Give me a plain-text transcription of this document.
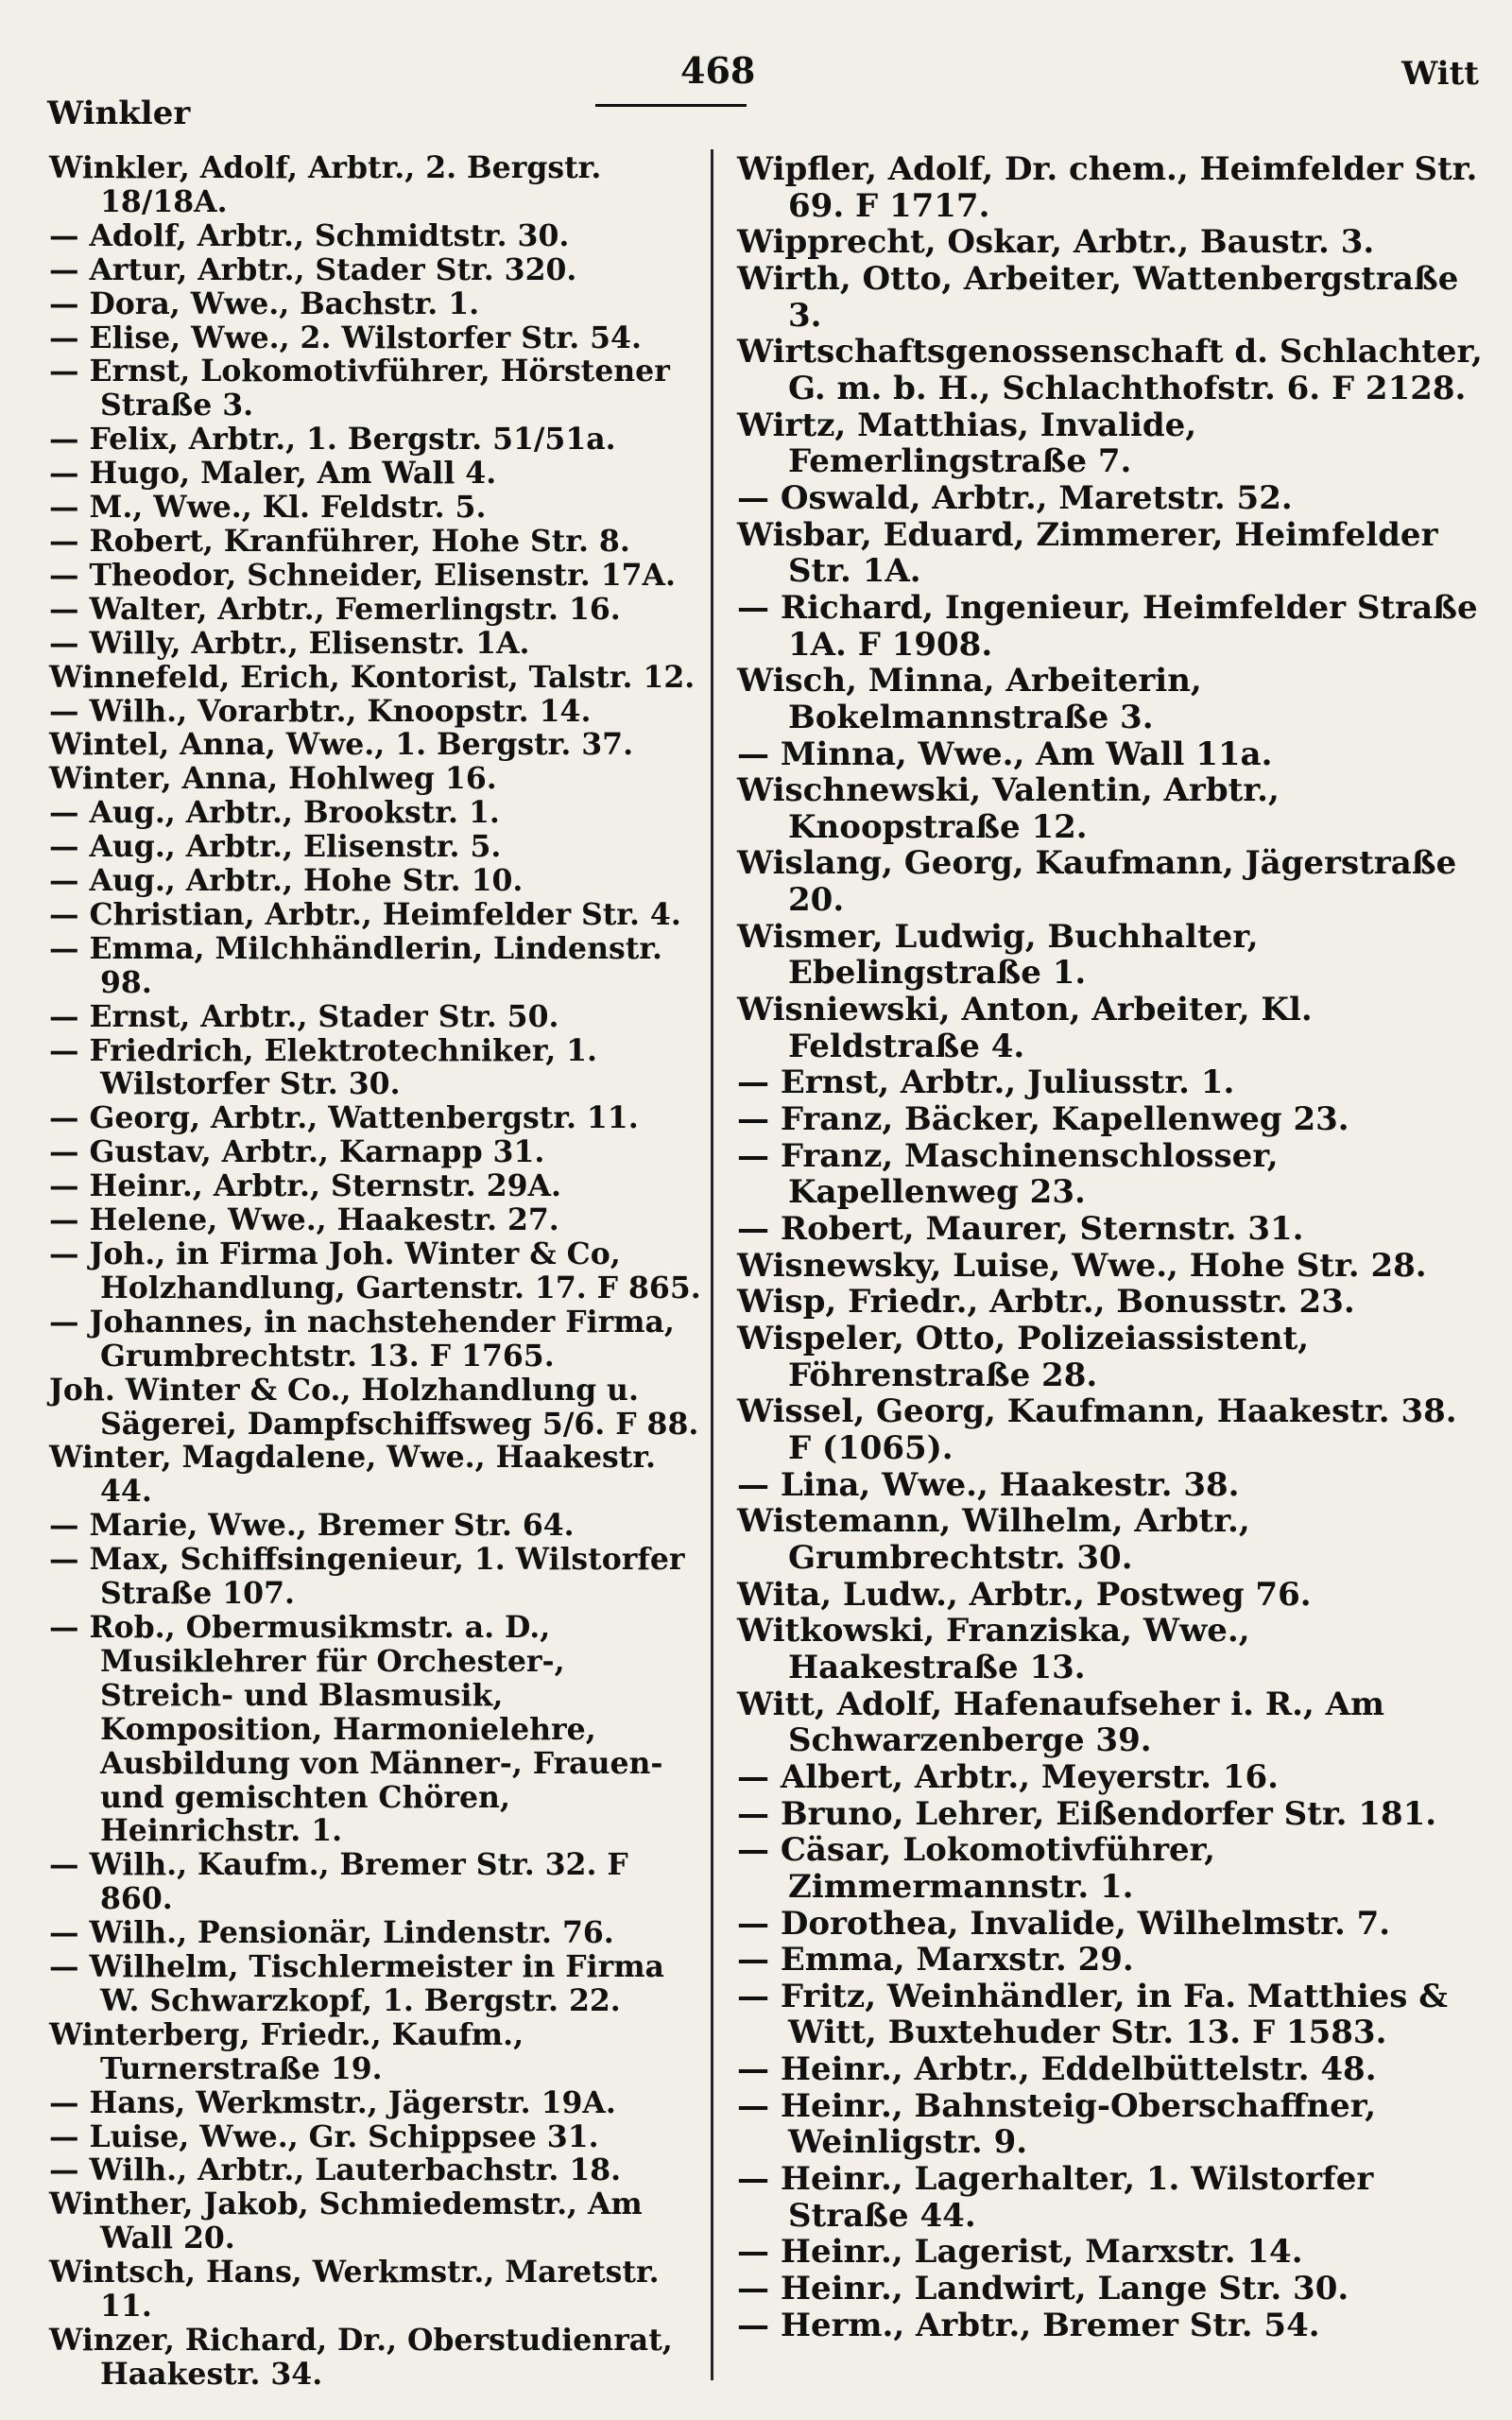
Winkler
468	Witt

Winkler, Adolf, Arbtr., 2. Bergstr. 18/18A.

— Adolf, Arbtr., Schmidtstr. 30.

— Artur, Arbtr., Stader Str. 320.

— Dora, Wwe., Bachstr. 1.

— Elise, Wwe., 2. Wilstorfer Str. 54.

— Ernst, Lokomotivführer, Hörstener Straße 3.

— Felix, Arbtr., 1. Bergstr. 51/51a.

— Hugo, Maler, Am Wall 4.

— M., Wwe., Kl. Feldstr. 5.

— Robert, Kranführer, Hohe Str. 8.

— Theodor, Schneider, Elisenstr. 17A.

— Walter, Arbtr., Femerlingstr. 16.

— Willy, Arbtr., Elisenstr. 1A.

Winnefeld, Erich, Kontorist, Talstr. 12.

— Wilh., Vorarbtr., Knoopstr. 14.

Wintel, Anna, Wwe., 1. Bergstr. 37.

Winter, Anna, Hohlweg 16.

— Aug., Arbtr., Brookstr. 1.

— Aug., Arbtr., Elisenstr. 5.

— Aug., Arbtr., Hohe Str. 10.

— Christian, Arbtr., Heimfelder Str. 4.

— Emma, Milchhändlerin, Lindenstr. 98.

— Ernst, Arbtr., Stader Str. 50.

— Friedrich, Elektrotechniker, 1. Wilstorfer Str. 30.

— Georg, Arbtr., Wattenbergstr. 11.

— Gustav, Arbtr., Karnapp 31.

— Heinr., Arbtr., Sternstr. 29A.

— Helene, Wwe., Haakestr. 27.

— Joh., in Firma Joh. Winter & Co, Holzhandlung, Gartenstr. 17. F 865.

— Johannes, in nachstehender Firma, Grumbrechtstr. 13. F 1765.

Joh. Winter & Co., Holzhandlung u. Sägerei, Dampfschiffsweg 5/6. F 88.

Winter, Magdalene, Wwe., Haakestr. 44.

— Marie, Wwe., Bremer Str. 64.

— Max, Schiffsingenieur, 1. Wilstorfer Straße 107.

— Rob., Obermusikmstr. a. D., Musiklehrer für Orchester-, Streich- und Blasmusik, Komposition, Harmonielehre, Ausbildung von Männer-, Frauen- und gemischten Chören, Heinrichstr. 1.

— Wilh., Kaufm., Bremer Str. 32. F 860.

— Wilh., Pensionär, Lindenstr. 76.

— Wilhelm, Tischlermeister in Firma W. Schwarzkopf, 1. Bergstr. 22.

Winterberg, Friedr., Kaufm., Turnerstraße 19.

— Hans, Werkmstr., Jägerstr. 19A.

— Luise, Wwe., Gr. Schippsee 31.

— Wilh., Arbtr., Lauterbachstr. 18.

Winther, Jakob, Schmiedemstr., Am Wall 20.

Wintsch, Hans, Werkmstr., Maretstr. 11.

Winzer, Richard, Dr., Oberstudienrat, Haakestr. 34.

Wipfler, Adolf, Dr. chem., Heimfelder Str. 69. F 1717.

Wipprecht, Oskar, Arbtr., Baustr. 3.

Wirth, Otto, Arbeiter, Wattenbergstraße 3.

Wirtschaftsgenossenschaft d. Schlachter, G. m. b. H., Schlachthofstr. 6. F 2128.

Wirtz, Matthias, Invalide, Femerlingstraße 7.

— Oswald, Arbtr., Maretstr. 52.

Wisbar, Eduard, Zimmerer, Heimfelder Str. 1A.

— Richard, Ingenieur, Heimfelder Straße 1A. F 1908.

Wisch, Minna, Arbeiterin, Bokelmannstraße 3.

— Minna, Wwe., Am Wall 11a.

Wischnewski, Valentin, Arbtr., Knoopstraße 12.

Wislang, Georg, Kaufmann, Jägerstraße 20.

Wismer, Ludwig, Buchhalter, Ebelingstraße 1.

Wisniewski, Anton, Arbeiter, Kl. Feldstraße 4.

— Ernst, Arbtr., Juliusstr. 1.

— Franz, Bäcker, Kapellenweg 23.

— Franz, Maschinenschlosser, Kapellenweg 23.

— Robert, Maurer, Sternstr. 31.

Wisnewsky, Luise, Wwe., Hohe Str. 28.

Wisp, Friedr., Arbtr., Bonusstr. 23.

Wispeler, Otto, Polizeiassistent, Föhrenstraße 28.

Wissel, Georg, Kaufmann, Haakestr. 38. F (1065).

— Lina, Wwe., Haakestr. 38.

Wistemann, Wilhelm, Arbtr., Grumbrechtstr. 30.

Wita, Ludw., Arbtr., Postweg 76.

Witkowski, Franziska, Wwe., Haakestraße 13.

Witt, Adolf, Hafenaufseher i. R., Am Schwarzenberge 39.

— Albert, Arbtr., Meyerstr. 16.

— Bruno, Lehrer, Eißendorfer Str. 181.

— Cäsar, Lokomotivführer, Zimmermannstr. 1.

— Dorothea, Invalide, Wilhelmstr. 7.

— Emma, Marxstr. 29.

— Fritz, Weinhändler, in Fa. Matthies & Witt, Buxtehuder Str. 13. F 1583.

— Heinr., Arbtr., Eddelbüttelstr. 48.

— Heinr., Bahnsteig-Oberschaffner, Weinligstr. 9.

— Heinr., Lagerhalter, 1. Wilstorfer Straße 44.

— Heinr., Lagerist, Marxstr. 14.

— Heinr., Landwirt, Lange Str. 30.

— Herm., Arbtr., Bremer Str. 54.
